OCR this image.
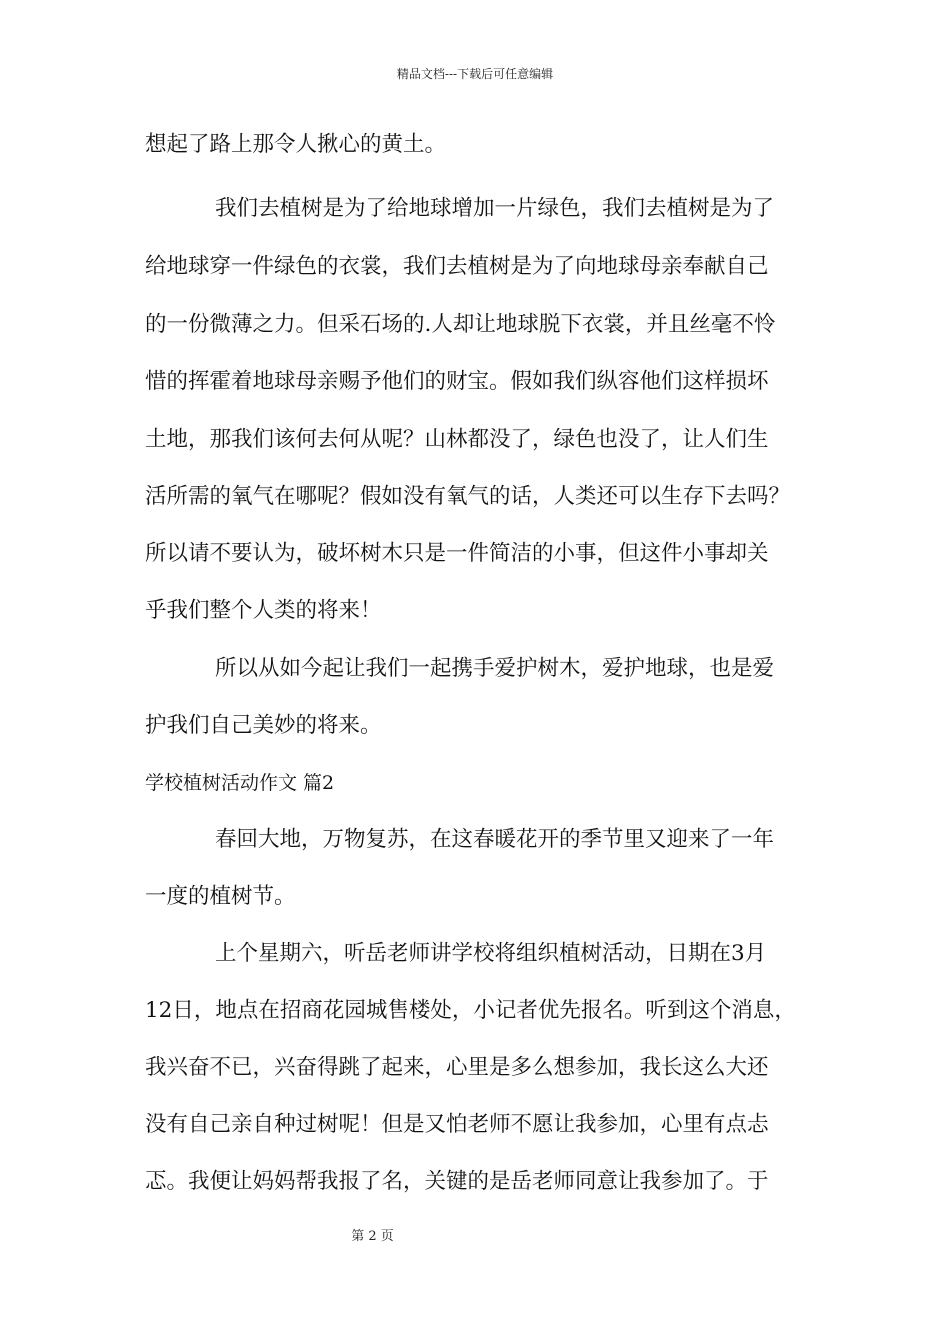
精品文档---下载后可任意编辑
想起了路上那令人揪心的黄土。
我们去植树是为了给地球增加一片绿色，我们去植树是为了
给地球穿一件绿色的衣裳，我们去植树是为了向地球母亲奉献自己
的一份微薄之力。但采石场的.人却让地球脱下衣裳，并且丝毫不怜
惜的挥霍着地球母亲赐予他们的财宝。假如我们纵容他们这样损坏
土地，那我们该何去何从呢？山林都没了，绿色也没了，让人们生
活所需的氧气在哪呢？假如没有氧气的话，人类还可以生存下去吗？
所以请不要认为，破坏树木只是一件简洁的小事，但这件小事却关
乎我们整个人类的将来！
所以从如今起让我们一起携手爱护树木，爱护地球，也是爱
护我们自己美妙的将来。
学校植树活动作文 篇2
春回大地，万物复苏，在这春暖花开的季节里又迎来了一年
一度的植树节。
上个星期六，听岳老师讲学校将组织植树活动，日期在3月
12日，地点在招商花园城售楼处，小记者优先报名。听到这个消息，
我兴奋不已，兴奋得跳了起来，心里是多么想参加，我长这么大还
没有自己亲自种过树呢！但是又怕老师不愿让我参加，心里有点忐
忑。我便让妈妈帮我报了名，关键的是岳老师同意让我参加了。于
第 2 页
